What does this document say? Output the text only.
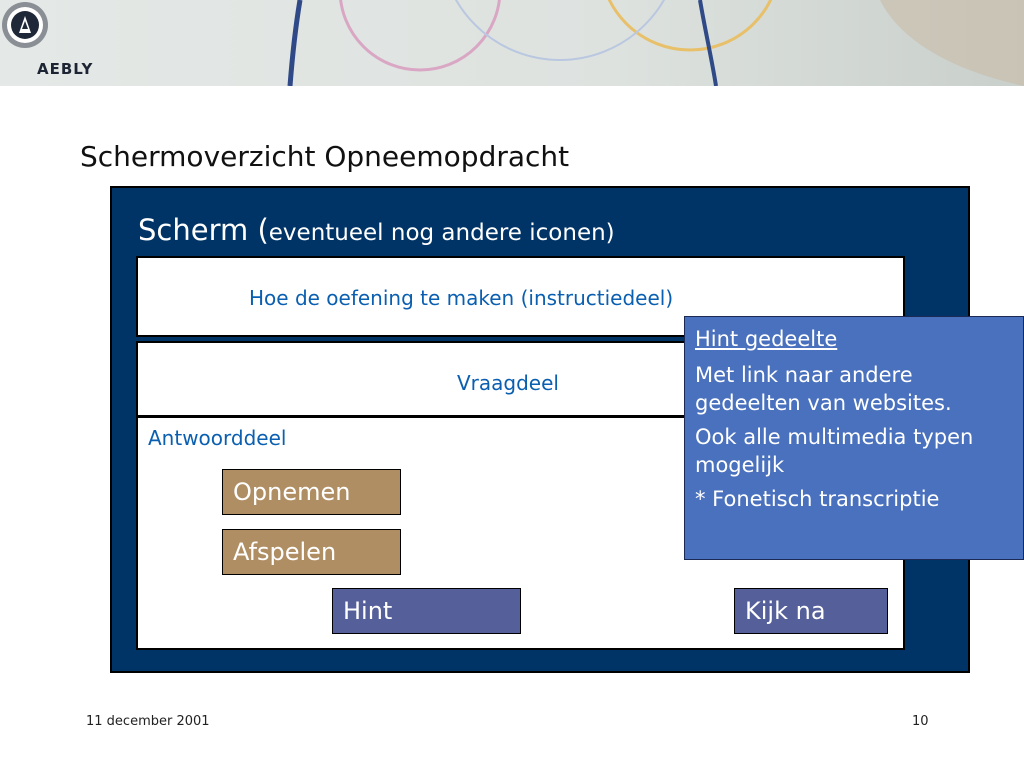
AEBLY
Schermoverzicht Opneemopdracht
Scherm (eventueel nog andere iconen)
Hoe de oefening te maken (instructiedeel)
Vraagdeel
Antwoorddeel
Opnemen
Afspelen
Hint	Kijk na

Hint gedeelte

Met link naar andere gedeelten van websites.

Ook alle multimedia typen mogelijk

* Fonetisch transcriptie

11 december 2001	10
